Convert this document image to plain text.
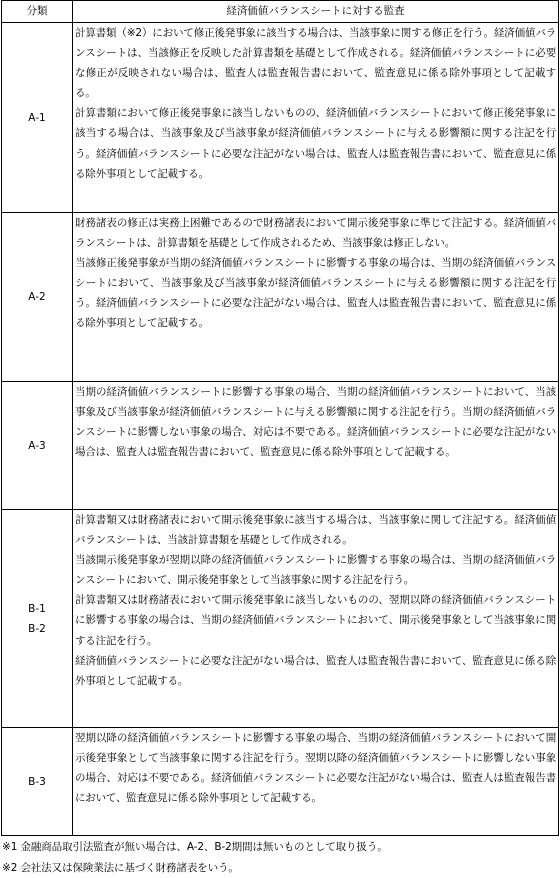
分類	経済価値バランスシートに対する監査

A-1	計算書類（※2）において修正後発事象に該当する場合は、当該事象に関する修正を行う。経済価値バランスシートは、当該修正を反映した計算書類を基礎として作成される。経済価値バランスシートに必要な修正が反映されない場合は、監査人は監査報告書において、監査意見に係る除外事項として記載する。
計算書類において修正後発事象に該当しないものの、経済価値バランスシートにおいて修正後発事象に該当する場合は、当該事象及び当該事象が経済価値バランスシートに与える影響額に関する注記を行う。経済価値バランスシートに必要な注記がない場合は、監査人は監査報告書において、監査意見に係る除外事項として記載する。

A-2	財務諸表の修正は実務上困難であるので財務諸表において開示後発事象に準じて注記する。経済価値バランスシートは、計算書類を基礎として作成されるため、当該事象は修正しない。
当該修正後発事象が当期の経済価値バランスシートに影響する事象の場合は、当期の経済価値バランスシートにおいて、当該事象及び当該事象が経済価値バランスシートに与える影響額に関する注記を行う。経済価値バランスシートに必要な注記がない場合は、監査人は監査報告書において、監査意見に係る除外事項として記載する。

A-3	当期の経済価値バランスシートに影響する事象の場合、当期の経済価値バランスシートにおいて、当該事象及び当該事象が経済価値バランスシートに与える影響額に関する注記を行う。当期の経済価値バランスシートに影響しない事象の場合、対応は不要である。経済価値バランスシートに必要な注記がない場合は、監査人は監査報告書において、監査意見に係る除外事項として記載する。

B-1
B-2	計算書類又は財務諸表において開示後発事象に該当する場合は、当該事象に関して注記する。経済価値バランスシートは、当該計算書類を基礎として作成される。
当該開示後発事象が翌期以降の経済価値バランスシートに影響する事象の場合は、当期の経済価値バランスシートにおいて、開示後発事象として当該事象に関する注記を行う。
計算書類又は財務諸表において開示後発事象に該当しないものの、翌期以降の経済価値バランスシートに影響する事象の場合は、当期の経済価値バランスシートにおいて、開示後発事象として当該事象に関する注記を行う。
経済価値バランスシートに必要な注記がない場合は、監査人は監査報告書において、監査意見に係る除外事項として記載する。

B-3	翌期以降の経済価値バランスシートに影響する事象の場合、当期の経済価値バランスシートにおいて開示後発事象として当該事象に関する注記を行う。翌期以降の経済価値バランスシートに影響しない事象の場合、対応は不要である。経済価値バランスシートに必要な注記がない場合は、監査人は監査報告書において、監査意見に係る除外事項として記載する。
※1 金融商品取引法監査が無い場合は、A-2、B-2期間は無いものとして取り扱う。
※2 会社法又は保険業法に基づく財務諸表をいう。
